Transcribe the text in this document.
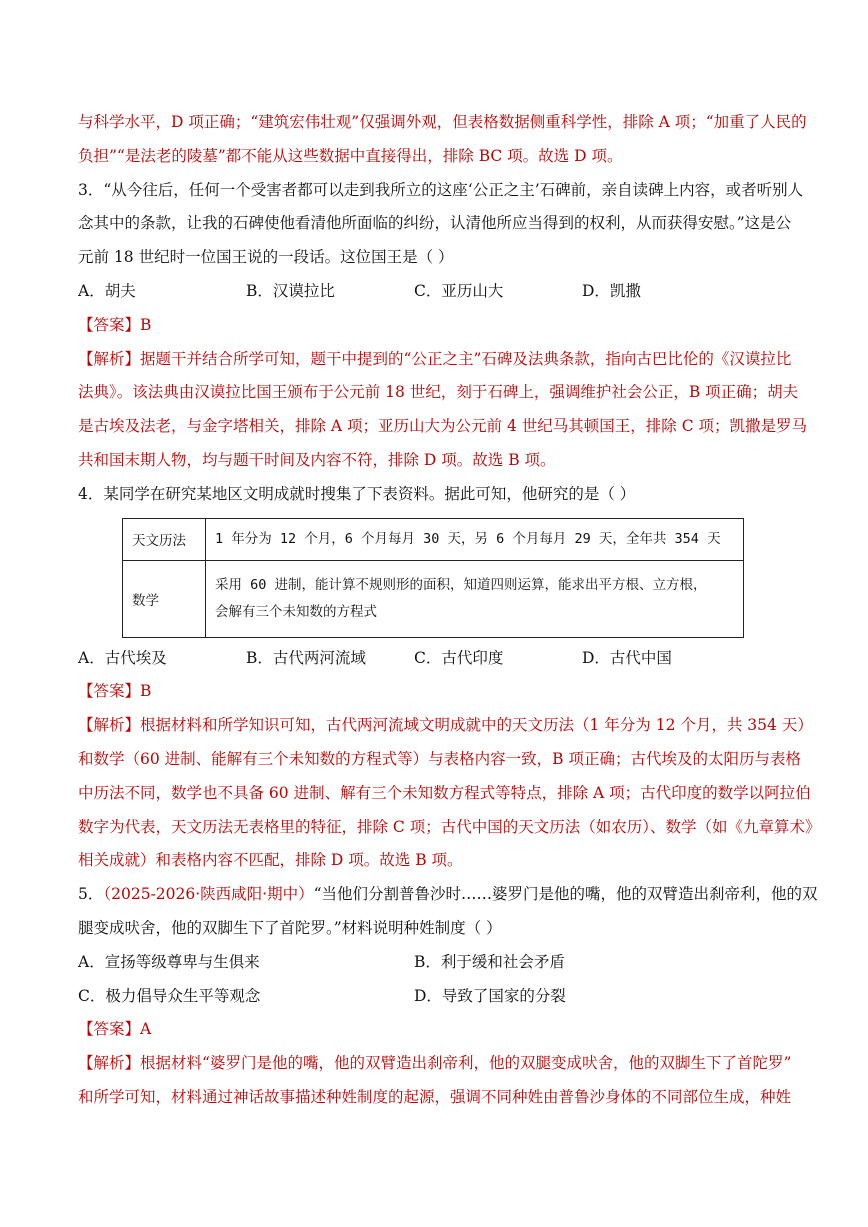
与科学水平，D 项正确；“建筑宏伟壮观”仅强调外观，但表格数据侧重科学性，排除 A 项；“加重了人民的
负担”“是法老的陵墓”都不能从这些数据中直接得出，排除 BC 项。故选 D 项。
3．“从今往后，任何一个受害者都可以走到我所立的这座‘公正之主’石碑前，亲自读碑上内容，或者听别人
念其中的条款，让我的石碑使他看清他所面临的纠纷，认清他所应当得到的权利，从而获得安慰。”这是公
元前 18 世纪时一位国王说的一段话。这位国王是（ ）
A．胡夫	B．汉谟拉比	C．亚历山大	D．凯撒
【答案】B
【解析】据题干并结合所学可知，题干中提到的“公正之主”石碑及法典条款，指向古巴比伦的《汉谟拉比
法典》。该法典由汉谟拉比国王颁布于公元前 18 世纪，刻于石碑上，强调维护社会公正，B 项正确；胡夫
是古埃及法老，与金字塔相关，排除 A 项；亚历山大为公元前 4 世纪马其顿国王，排除 C 项；凯撒是罗马
共和国末期人物，均与题干时间及内容不符，排除 D 项。故选 B 项。
4．某同学在研究某地区文明成就时搜集了下表资料。据此可知，他研究的是（ ）
天文历法	1 年分为 12 个月，6 个月每月 30 天，另 6 个月每月 29 天，全年共 354 天

数学	采用 60 进制，能计算不规则形的面积，知道四则运算，能求出平方根、立方根，
会解有三个未知数的方程式
A．古代埃及	B．古代两河流域	C．古代印度	D．古代中国
【答案】B
【解析】根据材料和所学知识可知，古代两河流域文明成就中的天文历法（1 年分为 12 个月，共 354 天）
和数学（60 进制、能解有三个未知数的方程式等）与表格内容一致，B 项正确；古代埃及的太阳历与表格
中历法不同，数学也不具备 60 进制、解有三个未知数方程式等特点，排除 A 项；古代印度的数学以阿拉伯
数字为代表，天文历法无表格里的特征，排除 C 项；古代中国的天文历法（如农历）、数学（如《九章算术》
相关成就）和表格内容不匹配，排除 D 项。故选 B 项。
5．（2025-2026·陕西咸阳·期中）“当他们分割普鲁沙时……婆罗门是他的嘴，他的双臂造出刹帝利，他的双
腿变成吠舍，他的双脚生下了首陀罗。”材料说明种姓制度（ ）
A．宣扬等级尊卑与生俱来	B．利于缓和社会矛盾
C．极力倡导众生平等观念	D．导致了国家的分裂
【答案】A
【解析】根据材料“婆罗门是他的嘴，他的双臂造出刹帝利，他的双腿变成吠舍，他的双脚生下了首陀罗”
和所学可知，材料通过神话故事描述种姓制度的起源，强调不同种姓由普鲁沙身体的不同部位生成，种姓
